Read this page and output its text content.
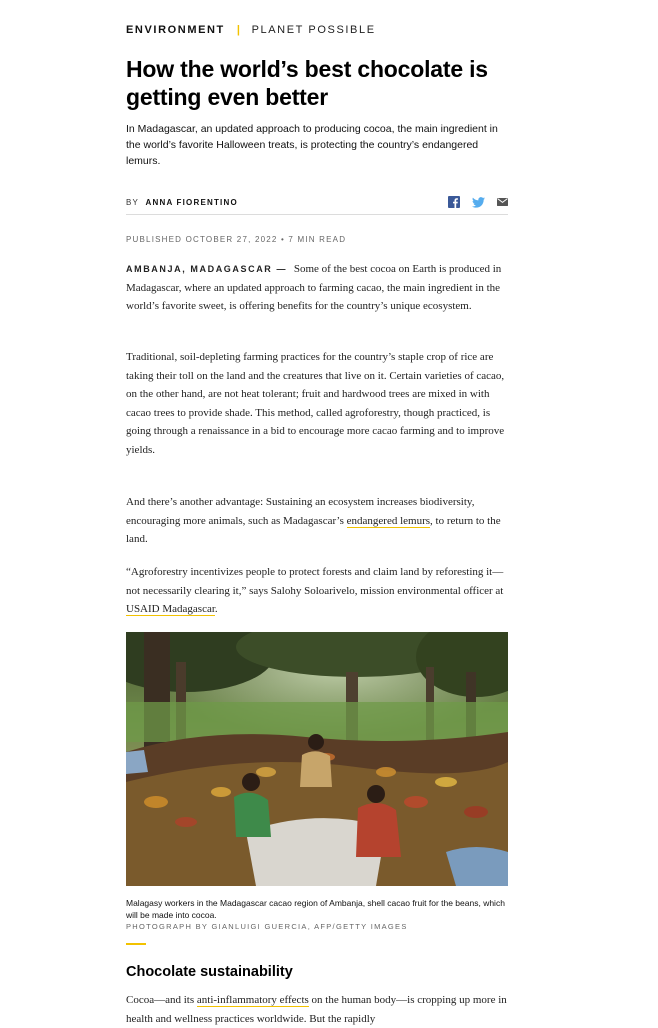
ENVIRONMENT | PLANET POSSIBLE
How the world’s best chocolate is getting even better

In Madagascar, an updated approach to producing cocoa, the main ingredient in the world’s favorite Halloween treats, is protecting the country’s endangered lemurs.

BY ANNA FIORENTINO
PUBLISHED OCTOBER 27, 2022 • 7 MIN READ

AMBANJA, MADAGASCAR — Some of the best cocoa on Earth is produced in Madagascar, where an updated approach to farming cacao, the main ingredient in the world’s favorite sweet, is offering benefits for the country’s unique ecosystem.

Traditional, soil-depleting farming practices for the country’s staple crop of rice are taking their toll on the land and the creatures that live on it. Certain varieties of cacao, on the other hand, are not heat tolerant; fruit and hardwood trees are mixed in with cacao trees to provide shade. This method, called agroforestry, though practiced, is going through a renaissance in a bid to encourage more cacao farming and to improve yields.

And there’s another advantage: Sustaining an ecosystem increases biodiversity, encouraging more animals, such as Madagascar’s endangered lemurs, to return to the land.

“Agroforestry incentivizes people to protect forests and claim land by reforesting it—not necessarily clearing it,” says Salohy Soloarivelo, mission environmental officer at USAID Madagascar.

Malagasy workers in the Madagascar cacao region of Ambanja, shell cacao fruit for the beans, which will be made into cocoa.

PHOTOGRAPH BY GIANLUIGI GUERCIA, AFP/GETTY IMAGES
Chocolate sustainability

Cocoa—and its anti-inflammatory effects on the human body—is cropping up more in health and wellness practices worldwide. But the rapidly
